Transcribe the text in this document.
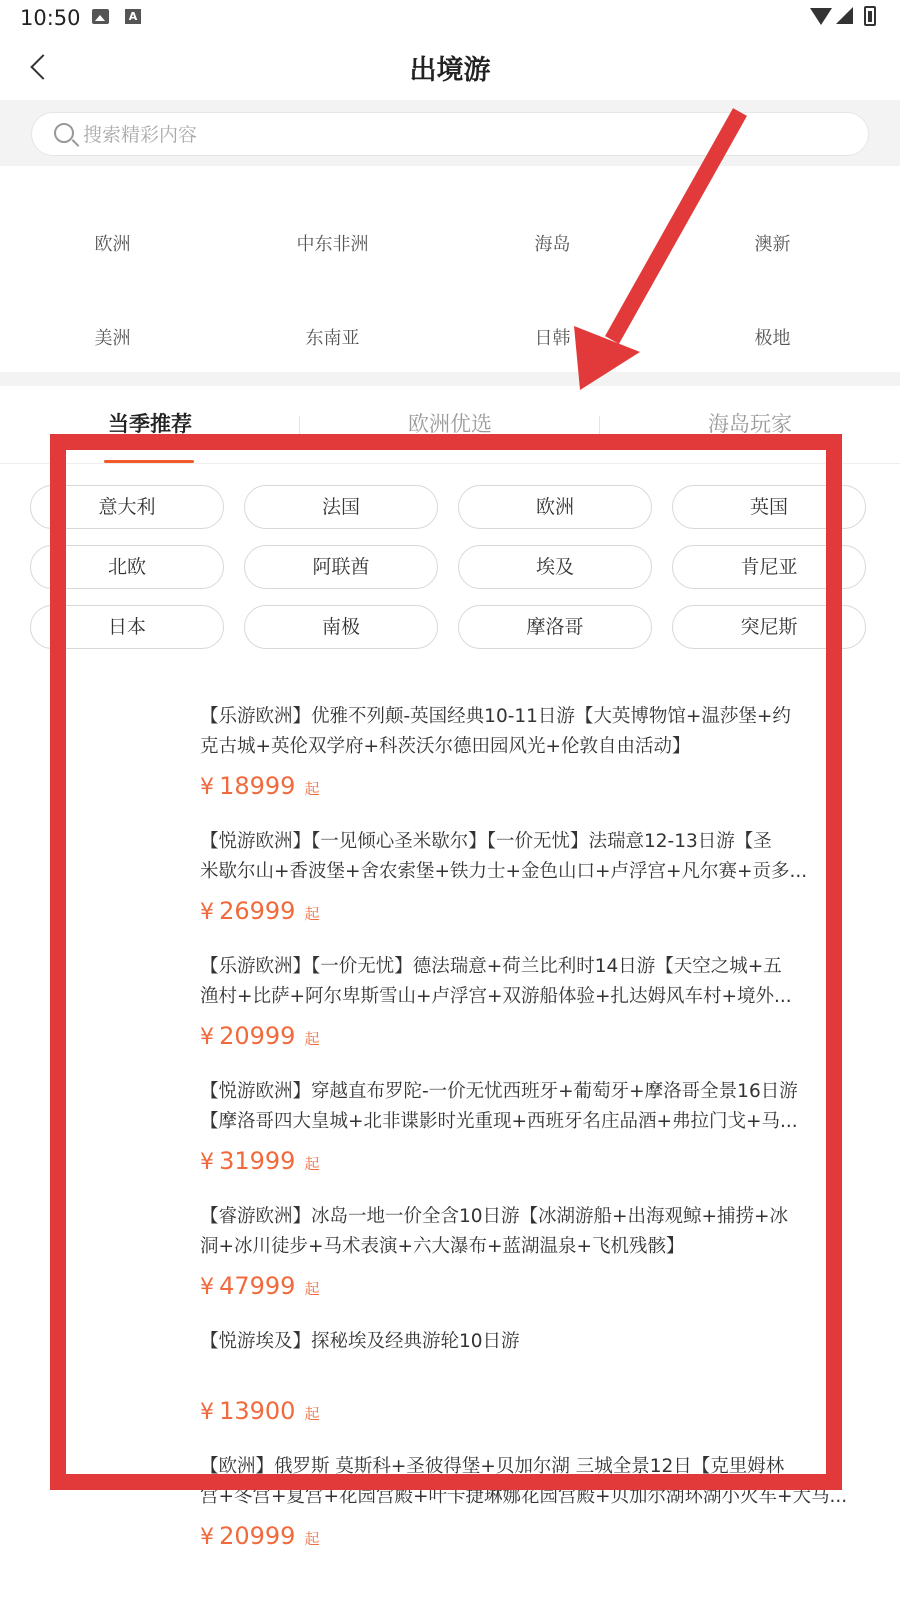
10:50	A
出境游
搜索精彩内容
欧洲	中东非洲	海岛	澳新
美洲	东南亚	日韩	极地
当季推荐	欧洲优选	海岛玩家
意大利	法国	欧洲	英国
北欧	阿联酋	埃及	肯尼亚
日本	南极	摩洛哥	突尼斯
【乐游欧洲】优雅不列颠-英国经典10-11日游【大英博物馆+温莎堡+约
克古城+英伦双学府+科茨沃尔德田园风光+伦敦自由活动】
¥ 18999 起
【悦游欧洲】【一见倾心圣米歇尔】【一价无忧】法瑞意12-13日游【圣
米歇尔山+香波堡+舍农索堡+铁力士+金色山口+卢浮宫+凡尔赛+贡多...
¥ 26999 起
【乐游欧洲】【一价无忧】德法瑞意+荷兰比利时14日游【天空之城+五
渔村+比萨+阿尔卑斯雪山+卢浮宫+双游船体验+扎达姆风车村+境外...
¥ 20999 起
【悦游欧洲】穿越直布罗陀-一价无忧西班牙+葡萄牙+摩洛哥全景16日游
【摩洛哥四大皇城+北非谍影时光重现+西班牙名庄品酒+弗拉门戈+马...
¥ 31999 起
【睿游欧洲】冰岛一地一价全含10日游【冰湖游船+出海观鲸+捕捞+冰
洞+冰川徒步+马术表演+六大瀑布+蓝湖温泉+飞机残骸】
¥ 47999 起
【悦游埃及】探秘埃及经典游轮10日游
¥ 13900 起
【欧洲】俄罗斯 莫斯科+圣彼得堡+贝加尔湖 三城全景12日【克里姆林
宫+冬宫+夏宫+花园宫殿+叶卡捷琳娜花园宫殿+贝加尔湖环湖小火车+大马...
¥ 20999 起
